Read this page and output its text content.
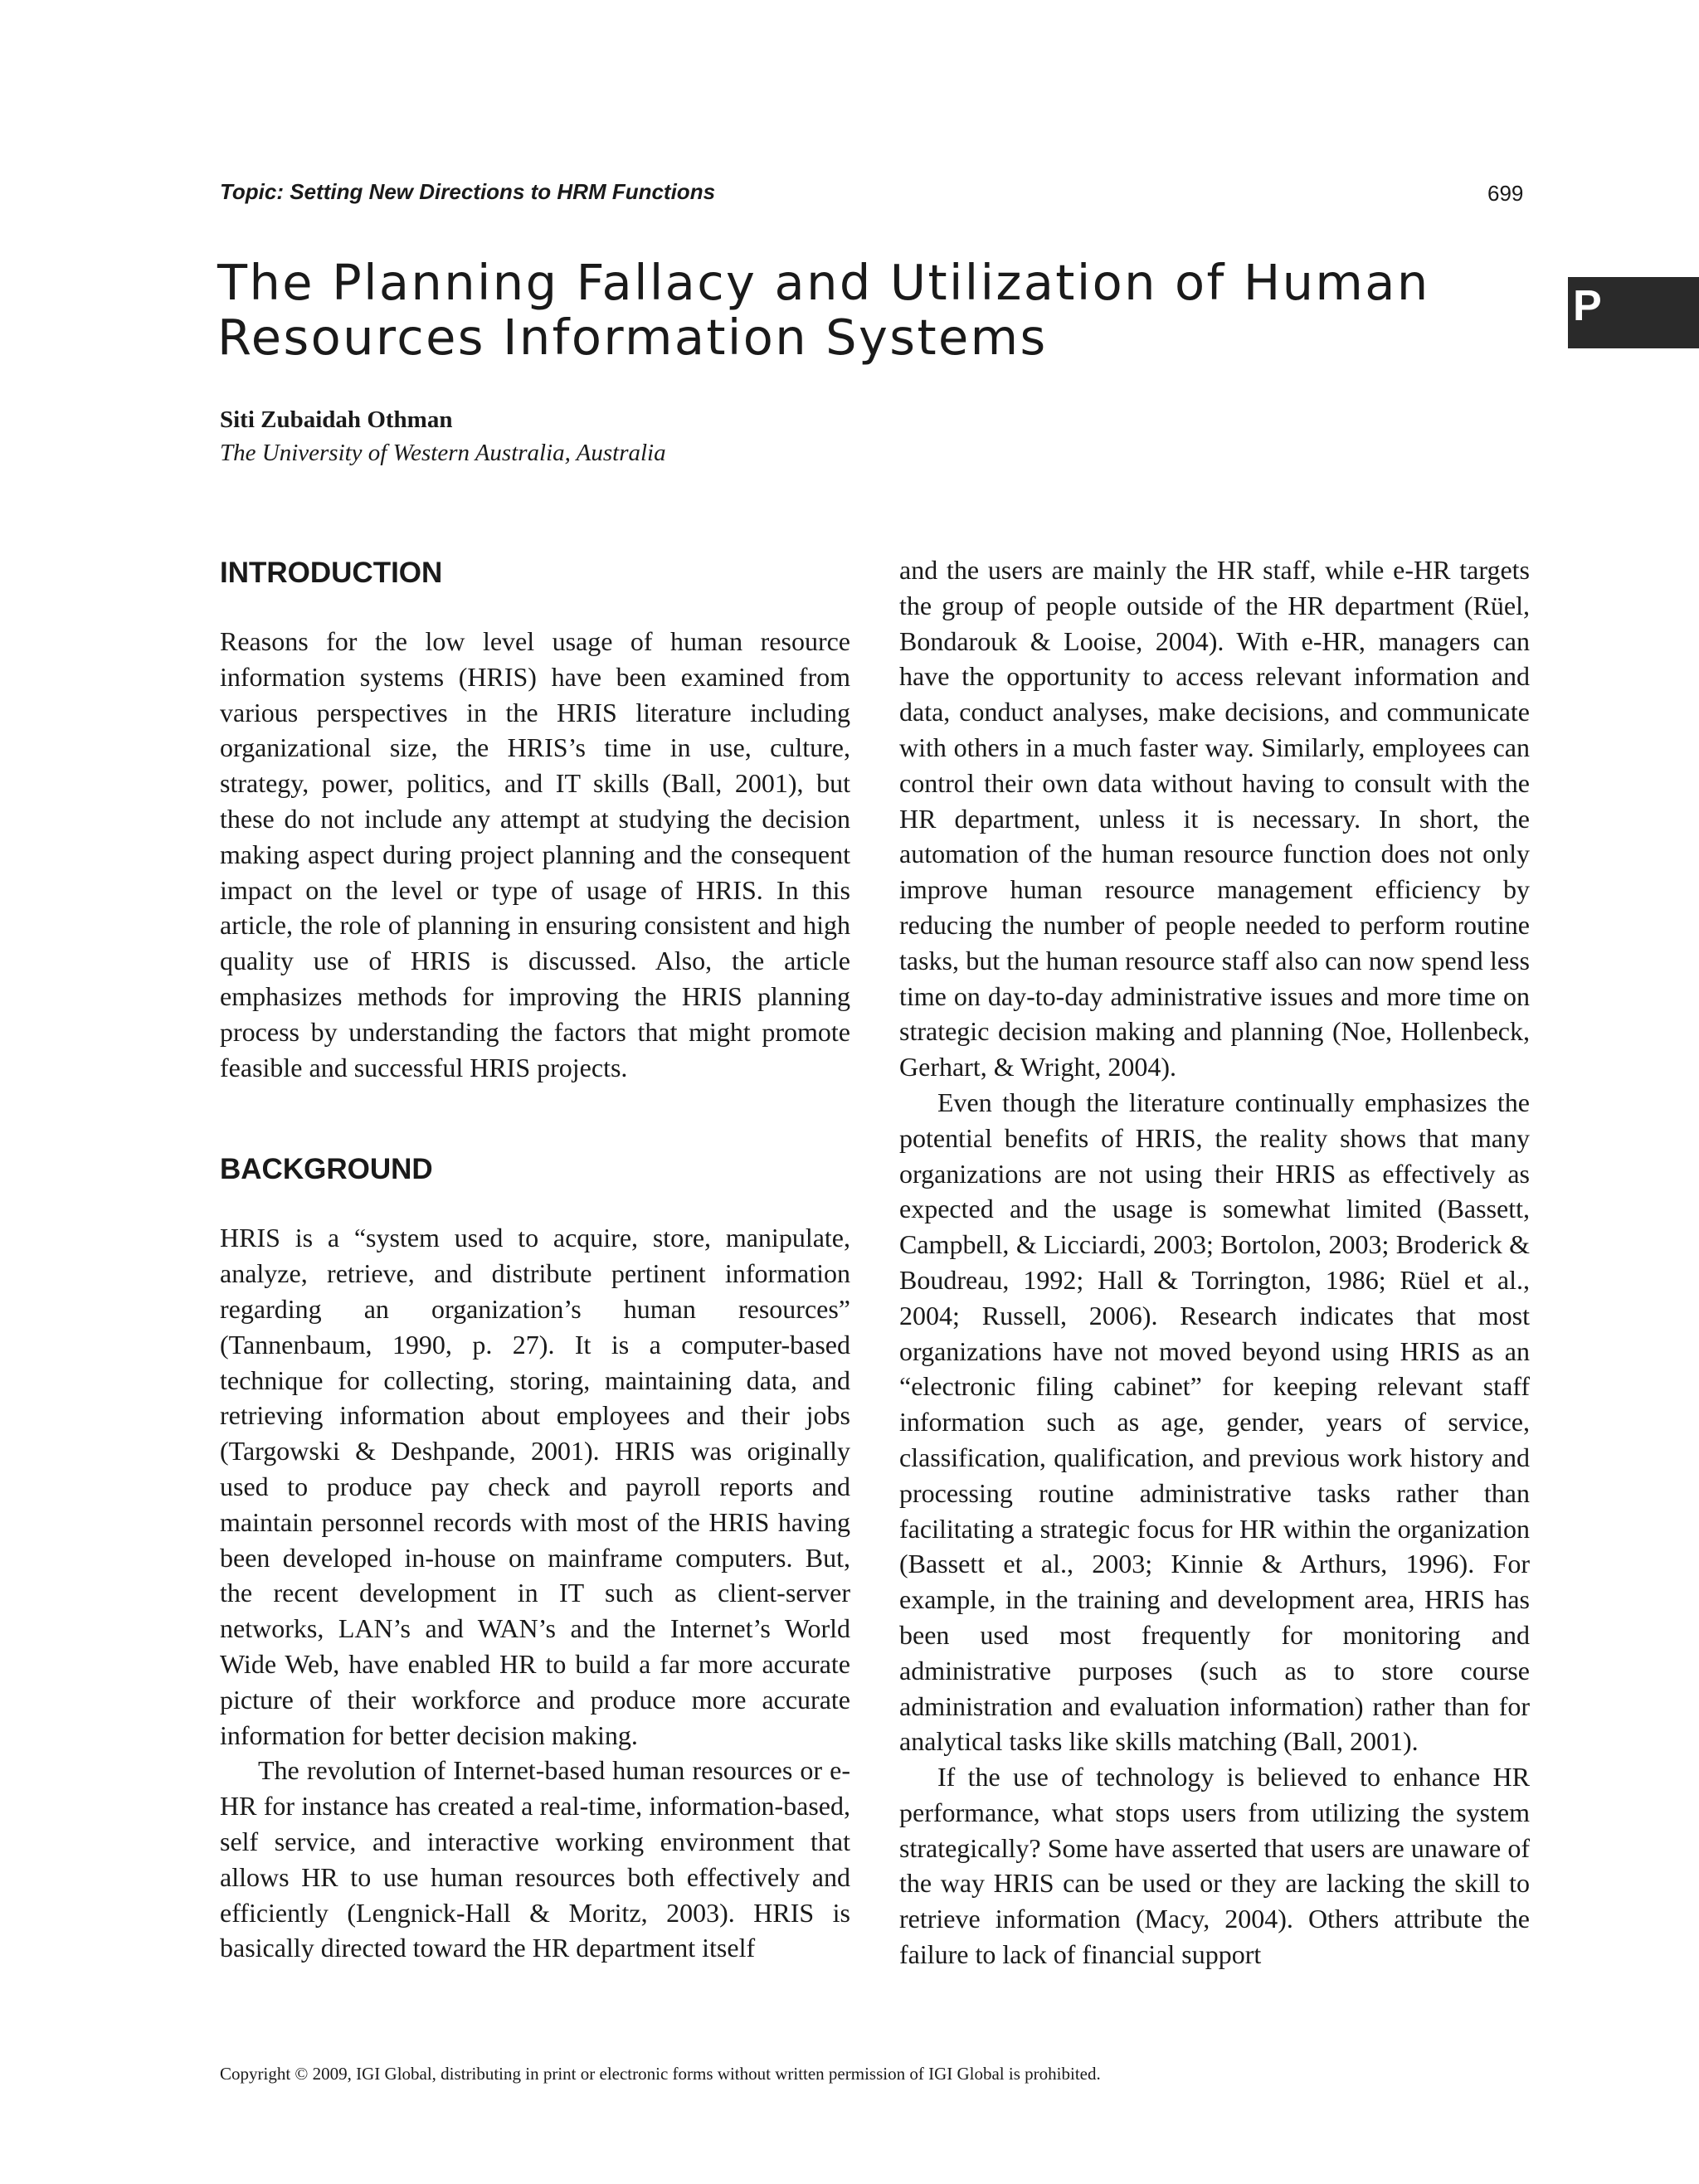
Topic: Setting New Directions to HRM Functions	699
The Planning Fallacy and Utilization of Human Resources Information Systems
P
Siti Zubaidah Othman
The University of Western Australia, Australia
INTRODUCTION

Reasons for the low level usage of human resource information systems (HRIS) have been examined from various perspectives in the HRIS literature including organizational size, the HRIS’s time in use, culture, strategy, power, politics, and IT skills (Ball, 2001), but these do not include any attempt at studying the decision making aspect during project planning and the consequent impact on the level or type of usage of HRIS. In this article, the role of planning in ensuring consistent and high quality use of HRIS is discussed. Also, the article emphasizes methods for improving the HRIS planning process by understanding the factors that might promote feasible and successful HRIS projects.

BACKGROUND

HRIS is a “system used to acquire, store, manipulate, analyze, retrieve, and distribute pertinent information regarding an organization’s human resources” (Tannenbaum, 1990, p. 27). It is a computer-based technique for collecting, storing, maintaining data, and retrieving information about employees and their jobs (Targowski & Deshpande, 2001). HRIS was originally used to produce pay check and payroll reports and maintain personnel records with most of the HRIS having been developed in-house on mainframe computers. But, the recent development in IT such as client-server networks, LAN’s and WAN’s and the Internet’s World Wide Web, have enabled HR to build a far more accurate picture of their workforce and produce more accurate information for better decision making.

The revolution of Internet-based human resources or e-HR for instance has created a real-time, information-based, self service, and interactive working environment that allows HR to use human resources both effectively and efficiently (Lengnick-Hall & Moritz, 2003). HRIS is basically directed toward the HR department itself

and the users are mainly the HR staff, while e-HR targets the group of people outside of the HR department (Rüel, Bondarouk & Looise, 2004). With e-HR, managers can have the opportunity to access relevant information and data, conduct analyses, make decisions, and communicate with others in a much faster way. Similarly, employees can control their own data without having to consult with the HR department, unless it is necessary. In short, the automation of the human resource function does not only improve human resource management efficiency by reducing the number of people needed to perform routine tasks, but the human resource staff also can now spend less time on day-to-day administrative issues and more time on strategic decision making and planning (Noe, Hollenbeck, Gerhart, & Wright, 2004).

Even though the literature continually emphasizes the potential benefits of HRIS, the reality shows that many organizations are not using their HRIS as effectively as expected and the usage is somewhat limited (Bassett, Campbell, & Licciardi, 2003; Bortolon, 2003; Broderick & Boudreau, 1992; Hall & Torrington, 1986; Rüel et al., 2004; Russell, 2006). Research indicates that most organizations have not moved beyond using HRIS as an “electronic filing cabinet” for keeping relevant staff information such as age, gender, years of service, classification, qualification, and previous work history and processing routine administrative tasks rather than facilitating a strategic focus for HR within the organization (Bassett et al., 2003; Kinnie & Arthurs, 1996). For example, in the training and development area, HRIS has been used most frequently for monitoring and administrative purposes (such as to store course administration and evaluation information) rather than for analytical tasks like skills matching (Ball, 2001).

If the use of technology is believed to enhance HR performance, what stops users from utilizing the system strategically? Some have asserted that users are unaware of the way HRIS can be used or they are lacking the skill to retrieve information (Macy, 2004). Others attribute the failure to lack of financial support

Copyright © 2009, IGI Global, distributing in print or electronic forms without written permission of IGI Global is prohibited.
